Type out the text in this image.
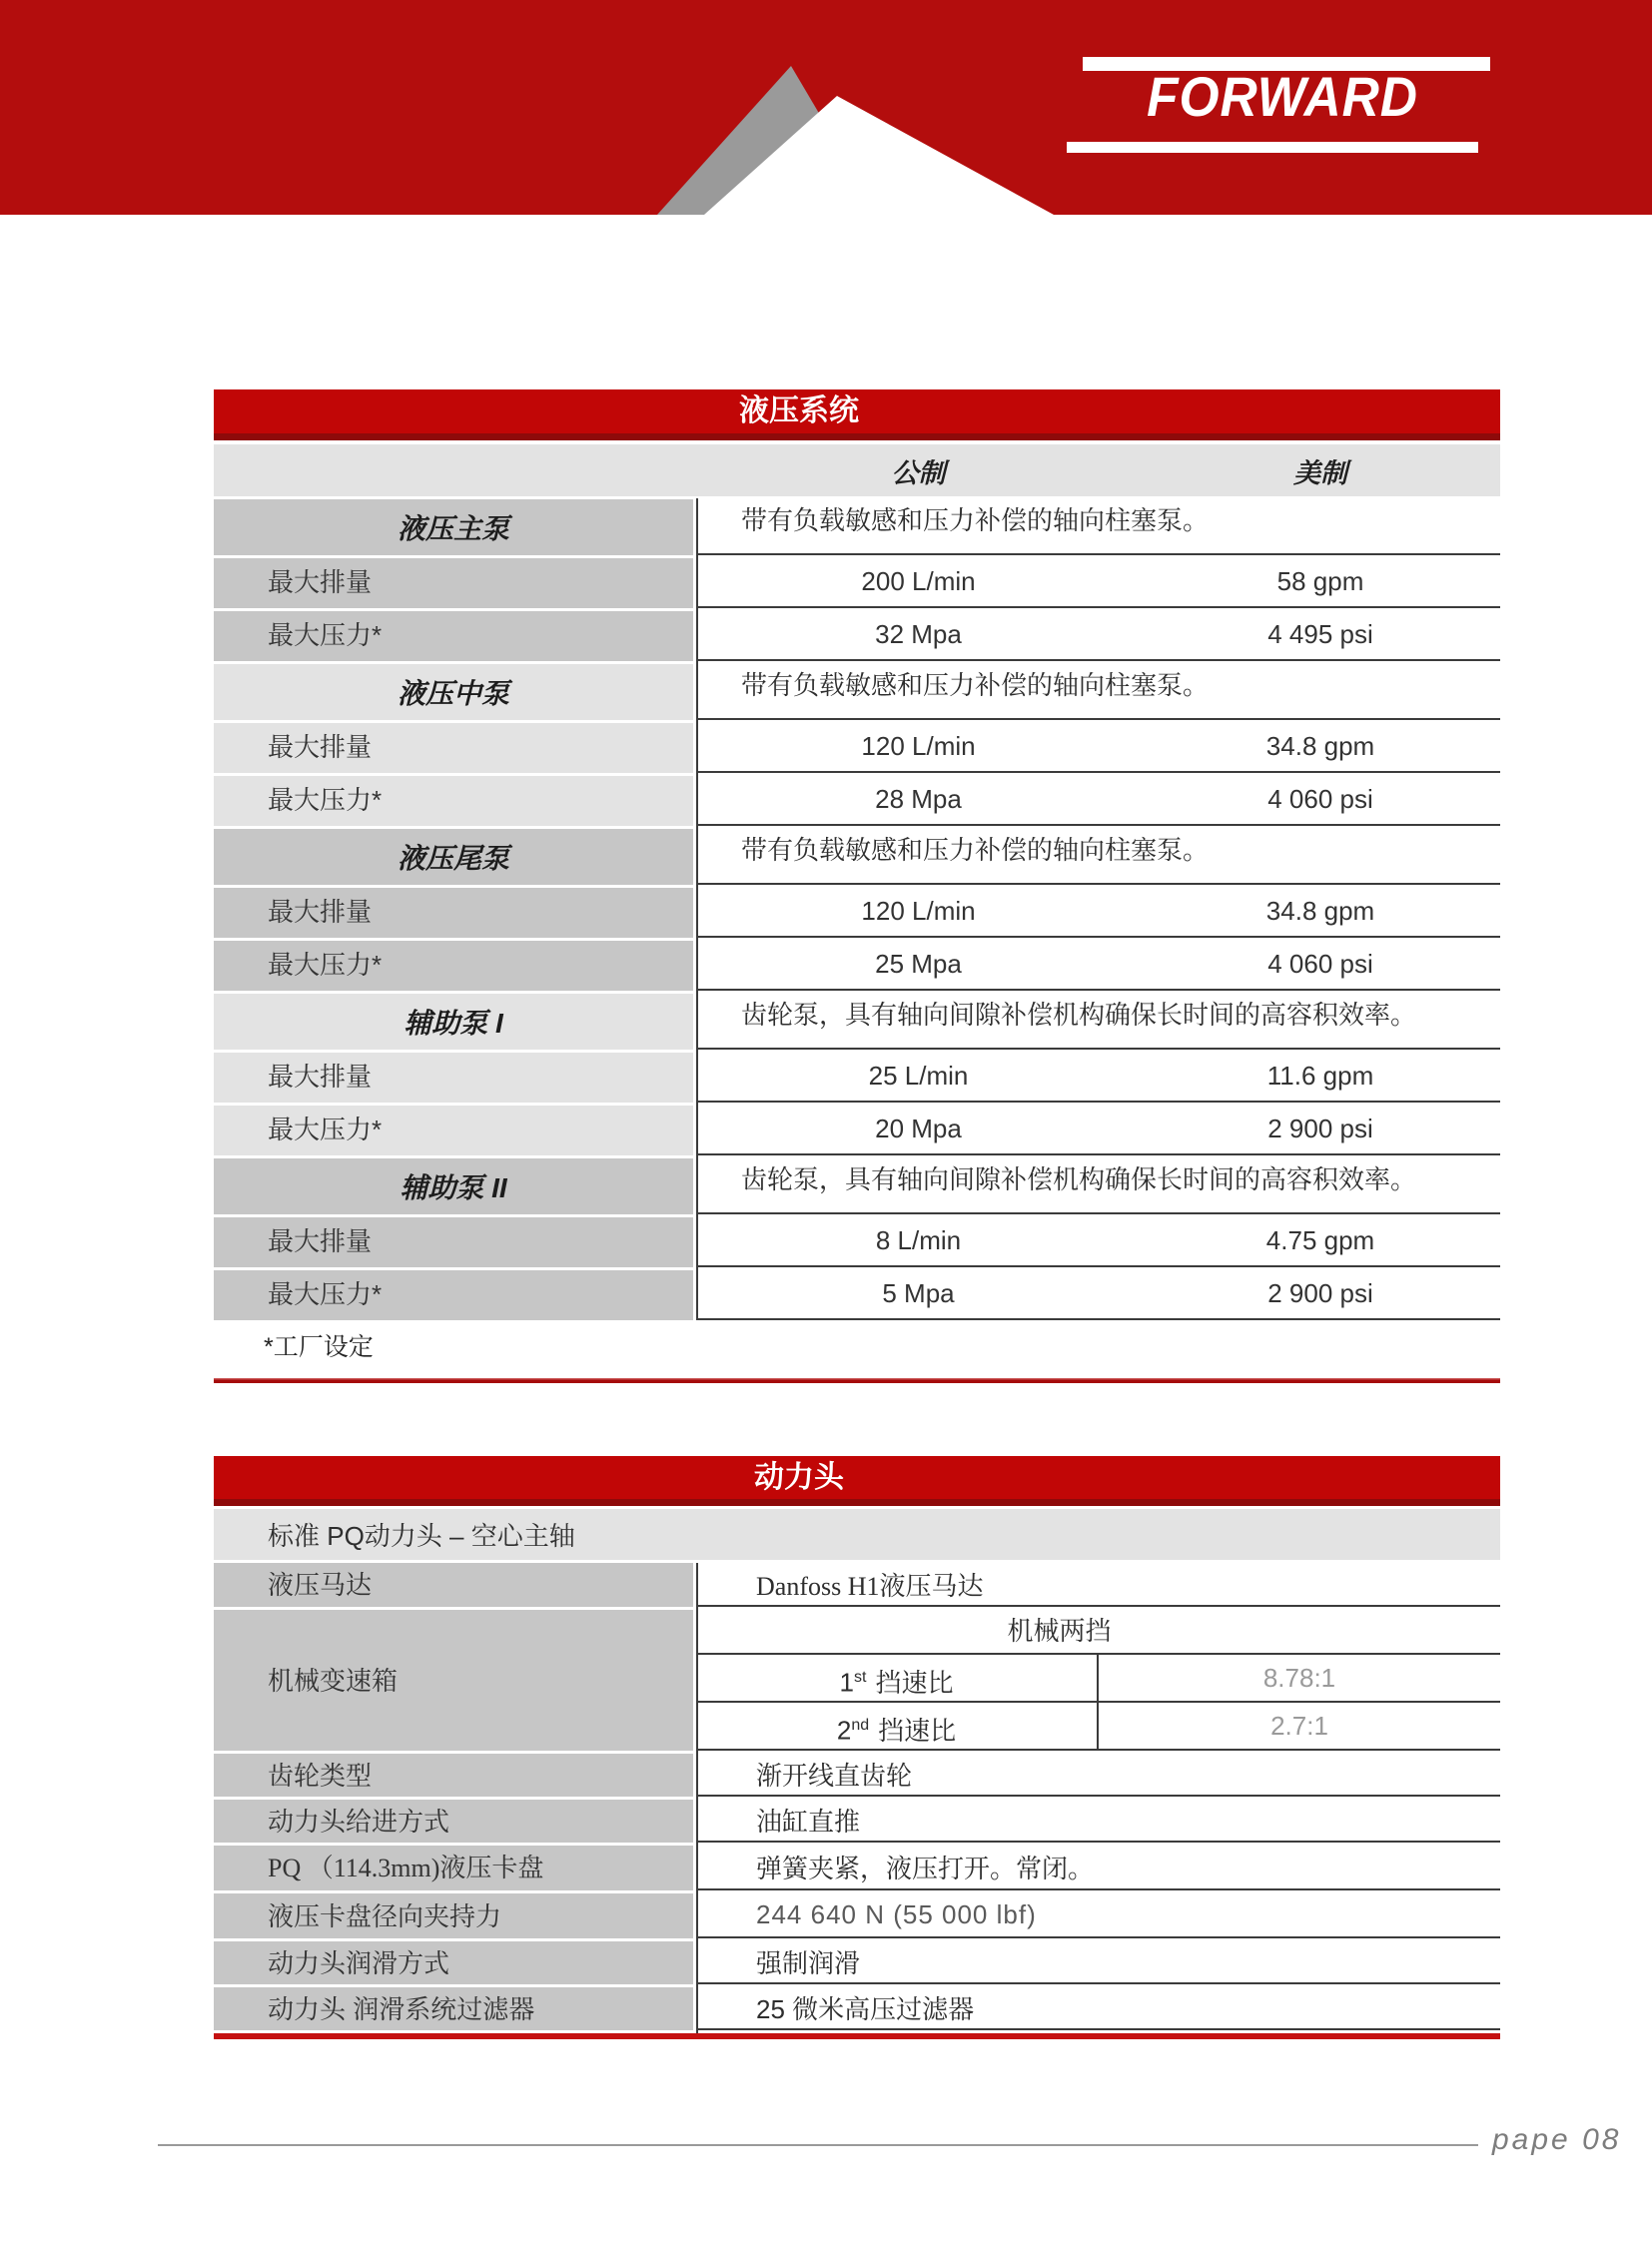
FORWARD
液压系统
公制	美制
液压主泵	带有负载敏感和压力补偿的轴向柱塞泵。
最大排量	200 L/min	58 gpm
最大压力*	32 Mpa	4 495 psi
液压中泵	带有负载敏感和压力补偿的轴向柱塞泵。
最大排量	120 L/min	34.8 gpm
最大压力*	28 Mpa	4 060 psi
液压尾泵	带有负载敏感和压力补偿的轴向柱塞泵。
最大排量	120 L/min	34.8 gpm
最大压力*	25 Mpa	4 060 psi
辅助泵 I	齿轮泵，具有轴向间隙补偿机构确保长时间的高容积效率。
最大排量	25 L/min	11.6 gpm
最大压力*	20 Mpa	2 900 psi
辅助泵 II	齿轮泵，具有轴向间隙补偿机构确保长时间的高容积效率。
最大排量	8 L/min	4.75 gpm
最大压力*	5 Mpa	2 900 psi
*工厂设定
动力头
标准 PQ动力头 – 空心主轴
液压马达	Danfoss H1液压马达
机械变速箱
机械两挡
1st 挡速比	8.78:1
2nd 挡速比	2.7:1
齿轮类型	渐开线直齿轮
动力头给进方式	油缸直推
PQ （114.3mm)液压卡盘	弹簧夹紧，液压打开。常闭。
液压卡盘径向夹持力	244 640 N (55 000 lbf)
动力头润滑方式	强制润滑
动力头 润滑系统过滤器	25 微米高压过滤器
pape 08
